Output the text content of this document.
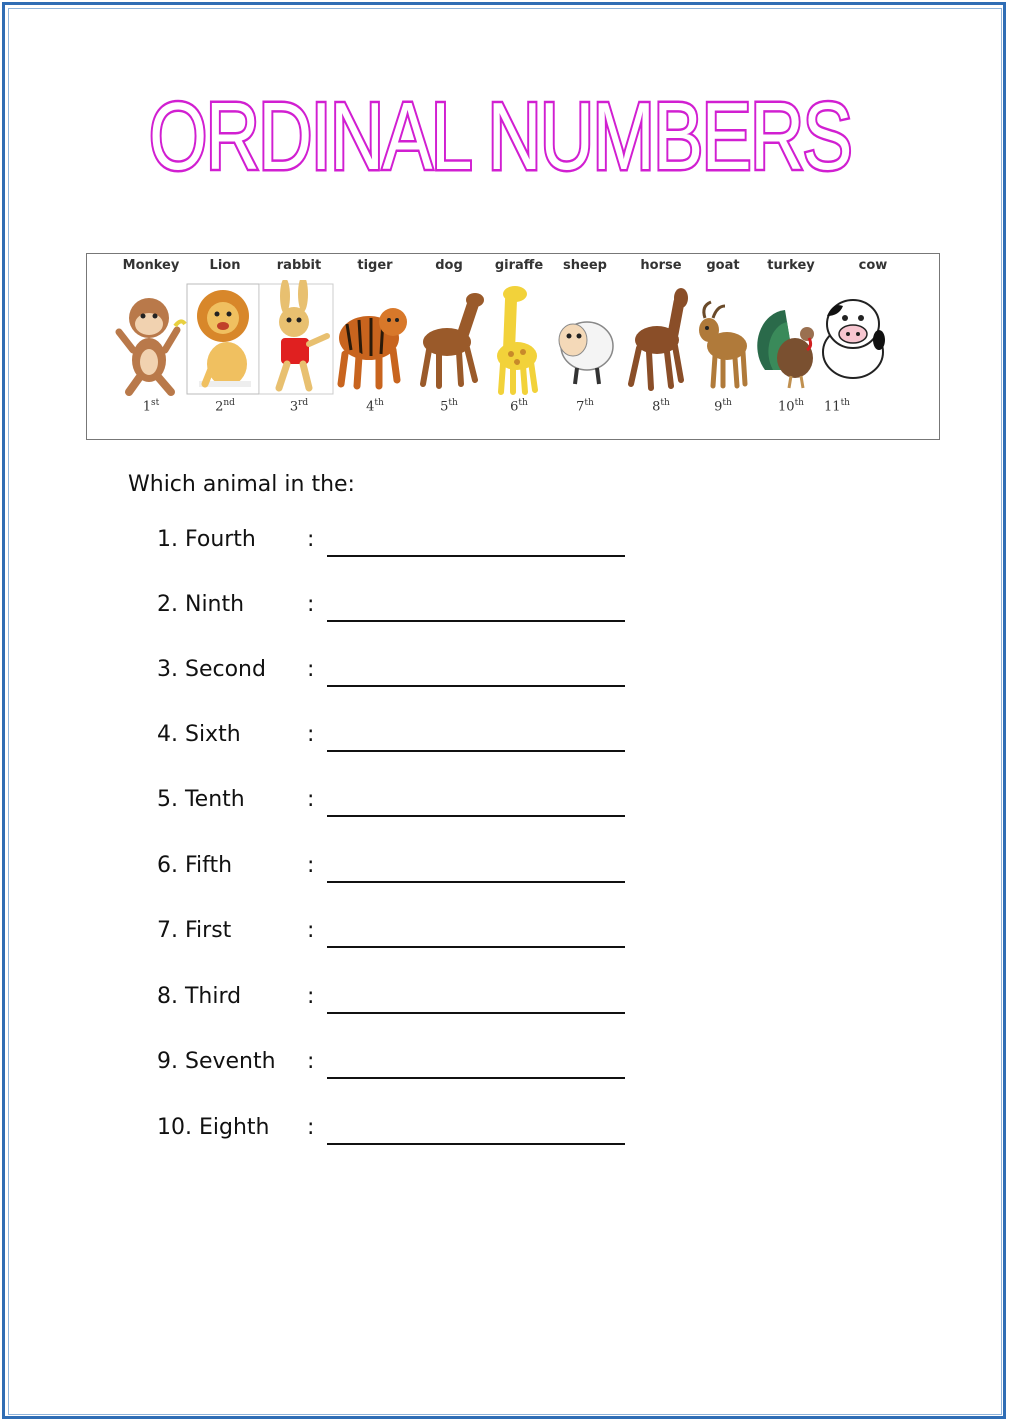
ORDINAL NUMBERS
Monkey
1st
Lion
2nd
rabbit
3rd
tiger
4th
dog
5th
giraffe
6th
sheep
7th
horse
8th
goat
9th
turkey
10th
cow
11th
Which animal in the:
1. Fourth :
2. Ninth	:
3. Second :
4. Sixth	:
5. Tenth	:
6. Fifth	:
7. First	:
8. Third	:
9. Seventh :
10. Eighth :
